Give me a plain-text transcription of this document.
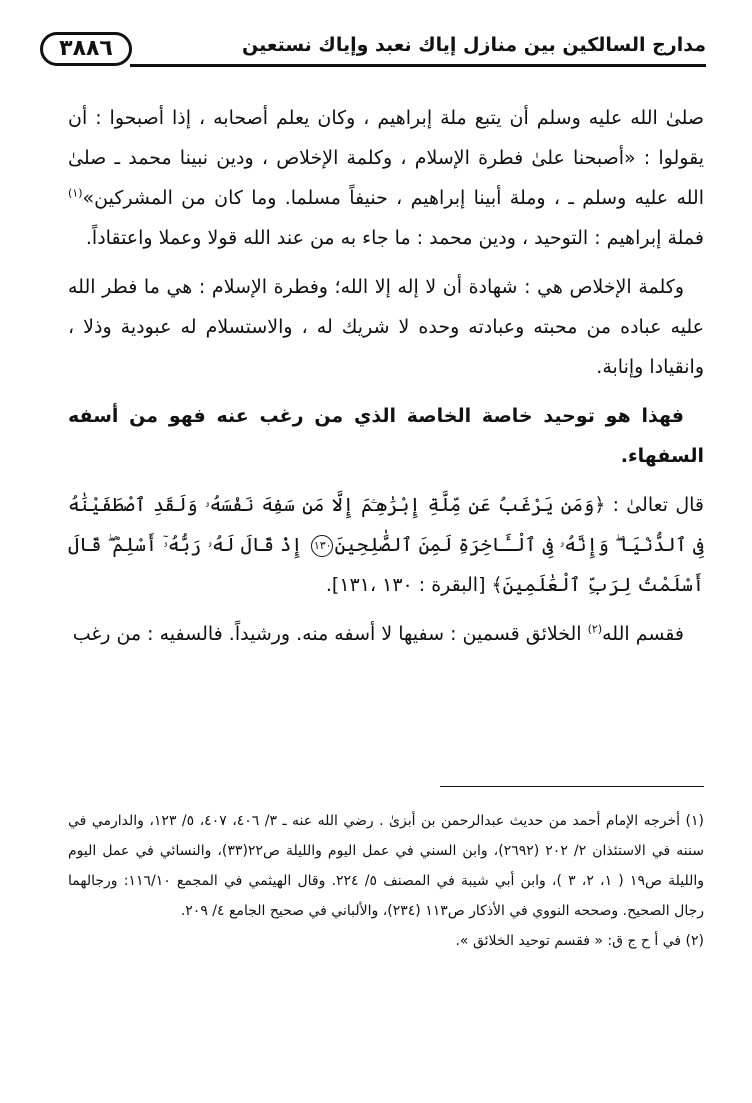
مدارج السالكين بين منازل إياك نعبد وإياك نستعين
٣٨٨٦

صلىٰ الله عليه وسلم أن يتبع ملة إبراهيم ، وكان يعلم أصحابه ، إذا أصبحوا : أن يقولوا : «أصبحنا علىٰ فطرة الإسلام ، وكلمة الإخلاص ، ودين نبينا محمد ـ صلىٰ الله عليه وسلم ـ ، وملة أبينا إبراهيم ، حنيفاً مسلما. وما كان من المشركين»$^{(١)}$ فملة إبراهيم : التوحيد ، ودين محمد : ما جاء به من عند الله قولا وعملا واعتقاداً.

وكلمة الإخلاص هي : شهادة أن لا إله إلا الله؛ وفطرة الإسلام : هي ما فطر الله عليه عباده من محبته وعبادته وحده لا شريك له ، والاستسلام له عبودية وذلا ، وانقيادا وإنابة.

فهذا هو توحيد خاصة الخاصة الذي من رغب عنه فهو من أسفه السفهاء.

قال تعالىٰ : ﴿وَمَن يَرْغَبُ عَن مِّلَّةِ إِبْرَٰهِـۧمَ إِلَّا مَن سَفِهَ نَفْسَهُۥ وَلَقَدِ ٱصْطَفَيْنَٰهُ فِى ٱلدُّنْيَا ۖ وَإِنَّهُۥ فِى ٱلْـَٔاخِرَةِ لَمِنَ ٱلصَّٰلِحِينَ١٣٠ إِذْ قَالَ لَهُۥ رَبُّهُۥٓ أَسْلِمْ ۖ قَالَ أَسْلَمْتُ لِرَبِّ ٱلْعَٰلَمِينَ﴾ [البقرة : ١٣٠ ،١٣١].

فقسم الله$^{(٢)}$ الخلائق قسمين : سفيها لا أسفه منه. ورشيداً. فالسفيه : من رغب

(١) أخرجه الإمام أحمد من حديث عبدالرحمن بن أبزىٰ . رضي الله عنه ـ ٣/ ٤٠٦، ٤٠٧، ٥/ ١٢٣، والدارمي في سننه في الاستئذان ٢/ ٢٠٢ (٢٦٩٢)، وابن السني في عمل اليوم والليلة ص٢٢(٣٣)، والنسائي في عمل اليوم والليلة ص١٩ ( ١، ٢، ٣ )، وابن أبي شيبة في المصنف ٥/ ٢٢٤. وقال الهيثمي في المجمع ١١٦/١٠: ورجالهما رجال الصحيح. وصححه النووي في الأذكار ص١١٣ (٢٣٤)، والألباني في صحيح الجامع ٤/ ٢٠٩.

(٢) في أ ح ج ق: « فقسم توحيد الخلائق ».
